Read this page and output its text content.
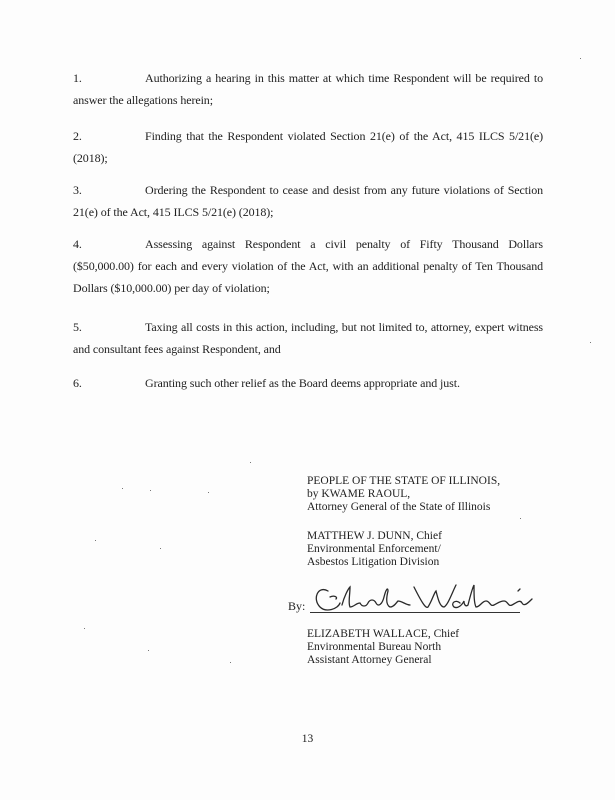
1.	Authorizing a hearing in this matter at which time Respondent will be required to answer the allegations herein;
2.	Finding that the Respondent violated Section 21(e) of the Act, 415 ILCS 5/21(e) (2018);
3.	Ordering the Respondent to cease and desist from any future violations of Section 21(e) of the Act, 415 ILCS 5/21(e) (2018);
4.	Assessing against Respondent a civil penalty of Fifty Thousand Dollars ($50,000.00) for each and every violation of the Act, with an additional penalty of Ten Thousand Dollars ($10,000.00) per day of violation;
5.	Taxing all costs in this action, including, but not limited to, attorney, expert witness and consultant fees against Respondent, and
6.	Granting such other relief as the Board deems appropriate and just.
PEOPLE OF THE STATE OF ILLINOIS,
by KWAME RAOUL,
Attorney General of the State of Illinois
MATTHEW J. DUNN, Chief
Environmental Enforcement/
Asbestos Litigation Division
By:
ELIZABETH WALLACE, Chief
Environmental Bureau North
Assistant Attorney General
13
